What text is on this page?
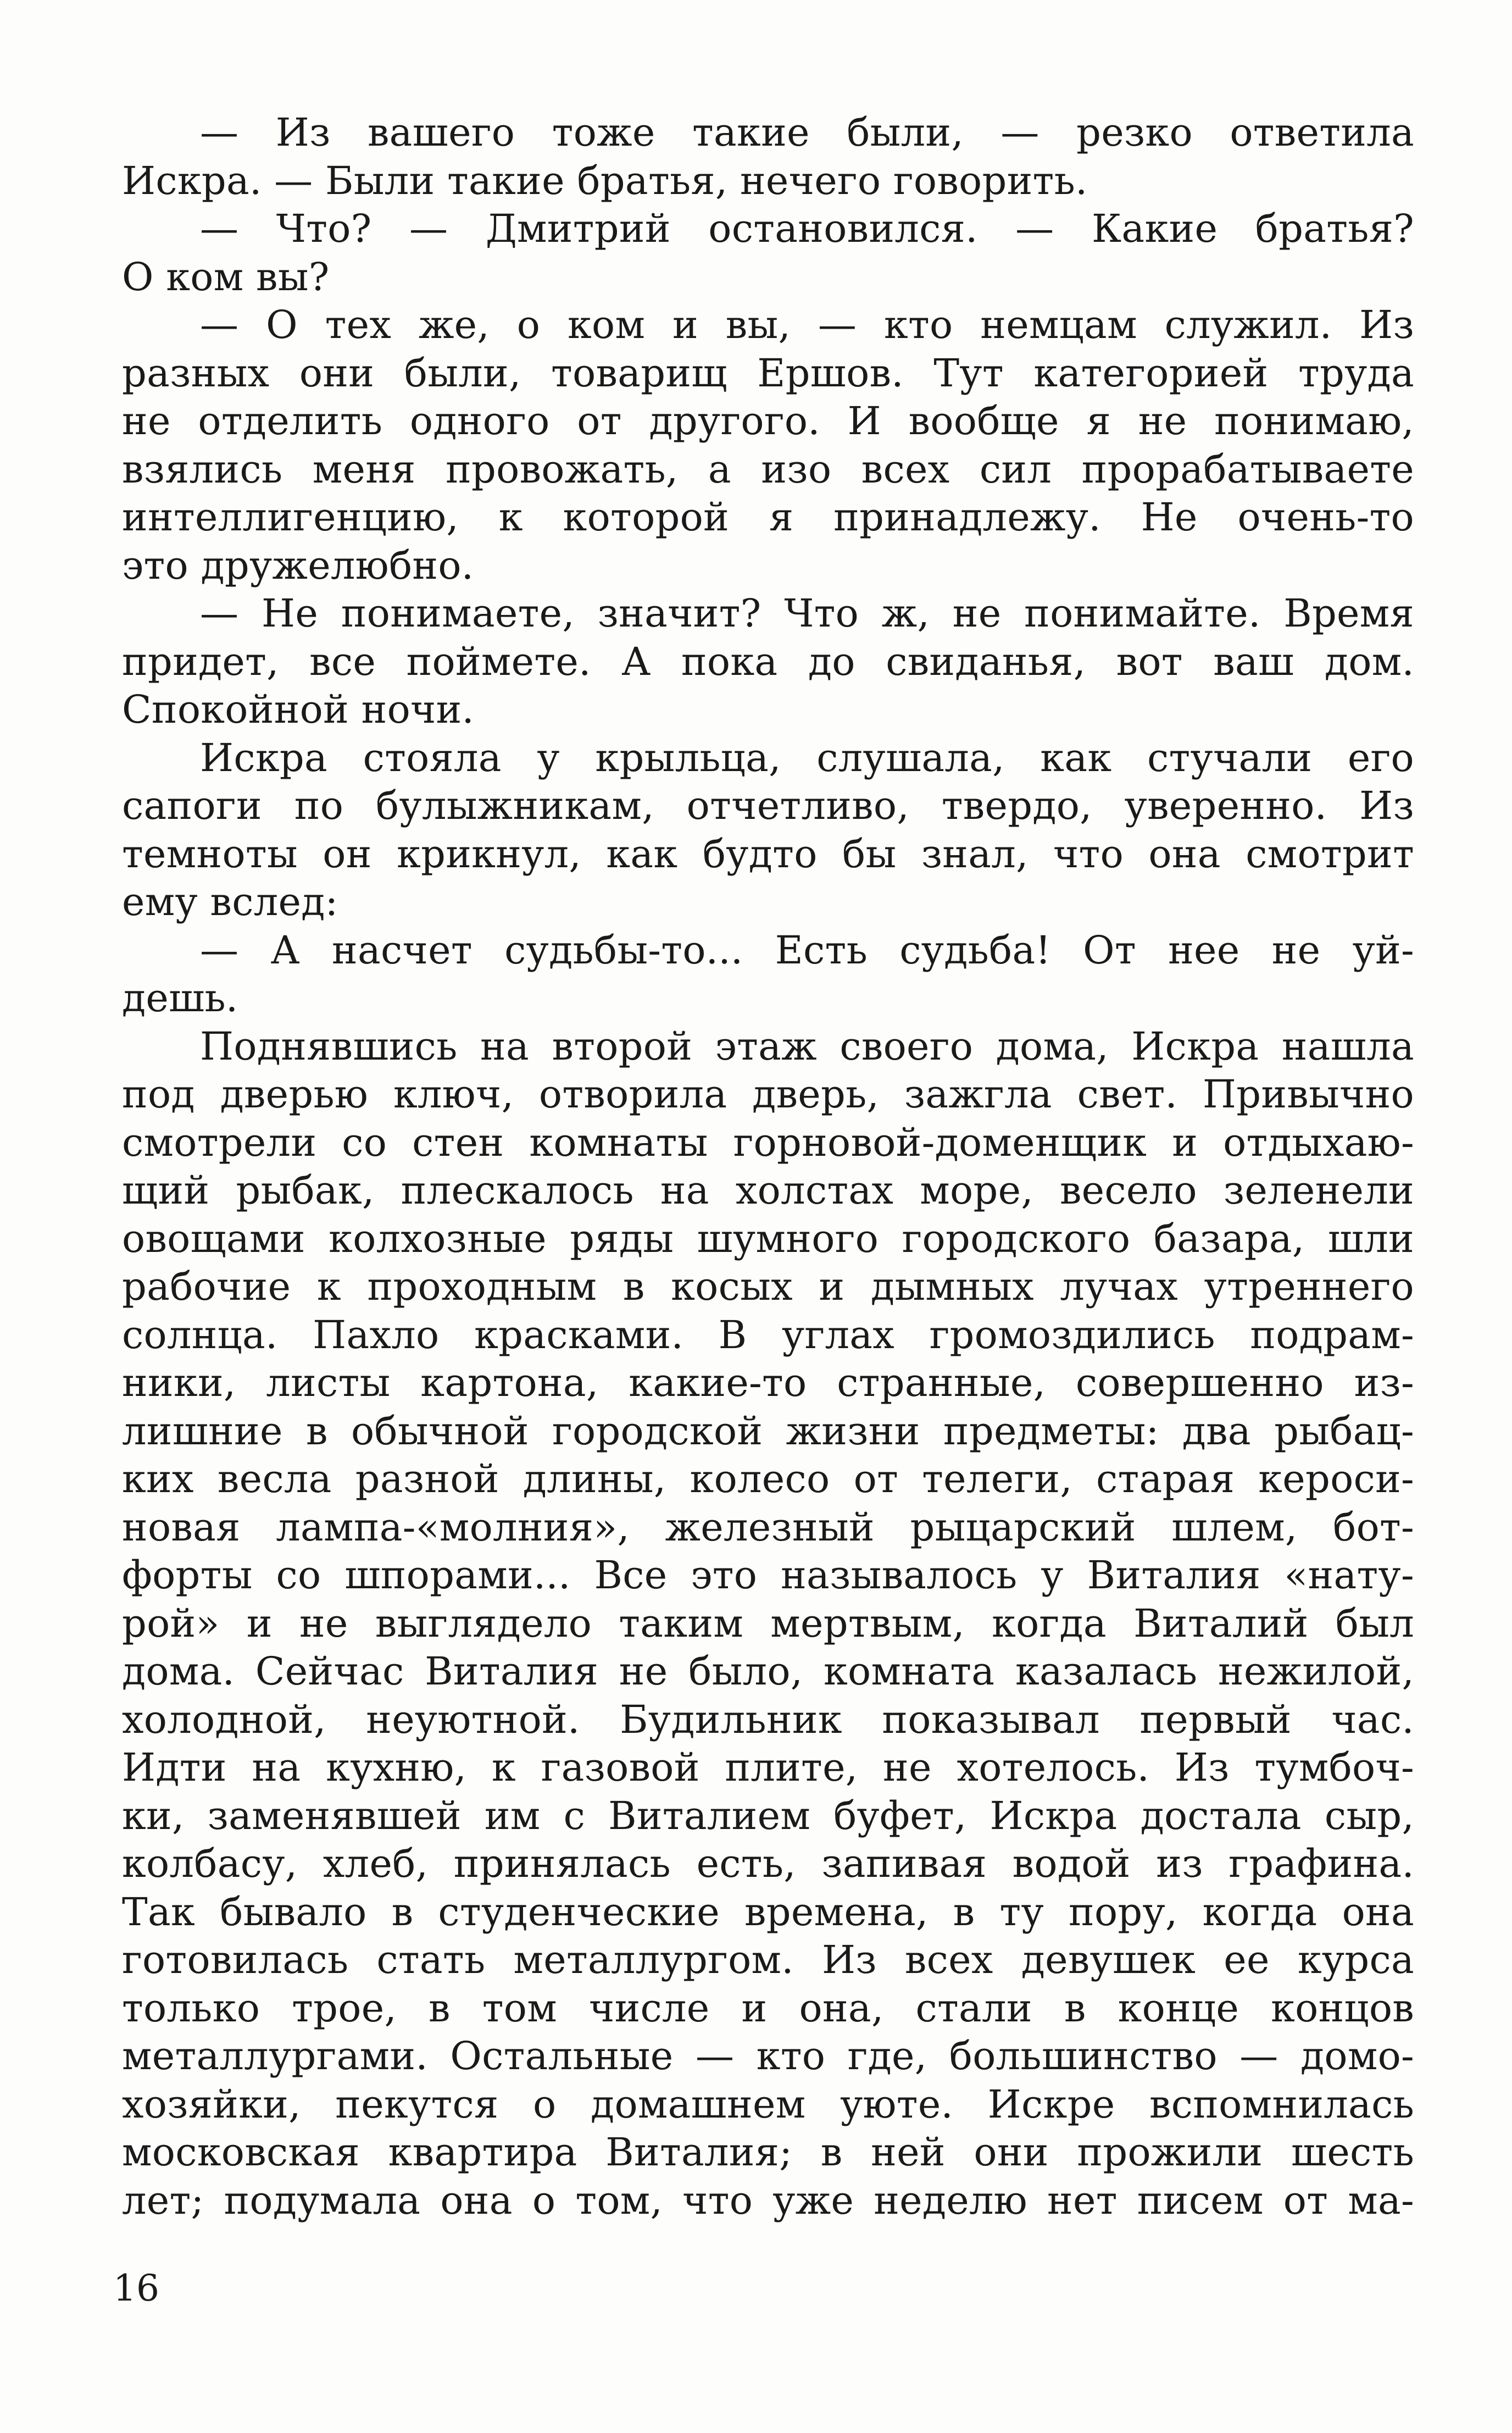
— Из вашего тоже такие были, — резко ответила
Искра. — Были такие братья, нечего говорить.
— Что? — Дмитрий остановился. — Какие братья?
О ком вы?
— О тех же, о ком и вы, — кто немцам служил. Из
разных они были, товарищ Ершов. Тут категорией труда
не отделить одного от другого. И вообще я не понимаю,
взялись меня провожать, а изо всех сил прорабатываете
интеллигенцию, к которой я принадлежу. Не очень-то
это дружелюбно.
— Не понимаете, значит? Что ж, не понимайте. Время
придет, все поймете. А пока до свиданья, вот ваш дом.
Спокойной ночи.
Искра стояла у крыльца, слушала, как стучали его
сапоги по булыжникам, отчетливо, твердо, уверенно. Из
темноты он крикнул, как будто бы знал, что она смотрит
ему вслед:
— А насчет судьбы-то... Есть судьба! От нее не уй-
дешь.
Поднявшись на второй этаж своего дома, Искра нашла
под дверью ключ, отворила дверь, зажгла свет. Привычно
смотрели со стен комнаты горновой-доменщик и отдыхаю-
щий рыбак, плескалось на холстах море, весело зеленели
овощами колхозные ряды шумного городского базара, шли
рабочие к проходным в косых и дымных лучах утреннего
солнца. Пахло красками. В углах громоздились подрам-
ники, листы картона, какие-то странные, совершенно из-
лишние в обычной городской жизни предметы: два рыбац-
ких весла разной длины, колесо от телеги, старая кероси-
новая лампа-«молния», железный рыцарский шлем, бот-
форты со шпорами... Все это называлось у Виталия «нату-
рой» и не выглядело таким мертвым, когда Виталий был
дома. Сейчас Виталия не было, комната казалась нежилой,
холодной, неуютной. Будильник показывал первый час.
Идти на кухню, к газовой плите, не хотелось. Из тумбоч-
ки, заменявшей им с Виталием буфет, Искра достала сыр,
колбасу, хлеб, принялась есть, запивая водой из графина.
Так бывало в студенческие времена, в ту пору, когда она
готовилась стать металлургом. Из всех девушек ее курса
только трое, в том числе и она, стали в конце концов
металлургами. Остальные — кто где, большинство — домо-
хозяйки, пекутся о домашнем уюте. Искре вспомнилась
московская квартира Виталия; в ней они прожили шесть
лет; подумала она о том, что уже неделю нет писем от ма-
16
